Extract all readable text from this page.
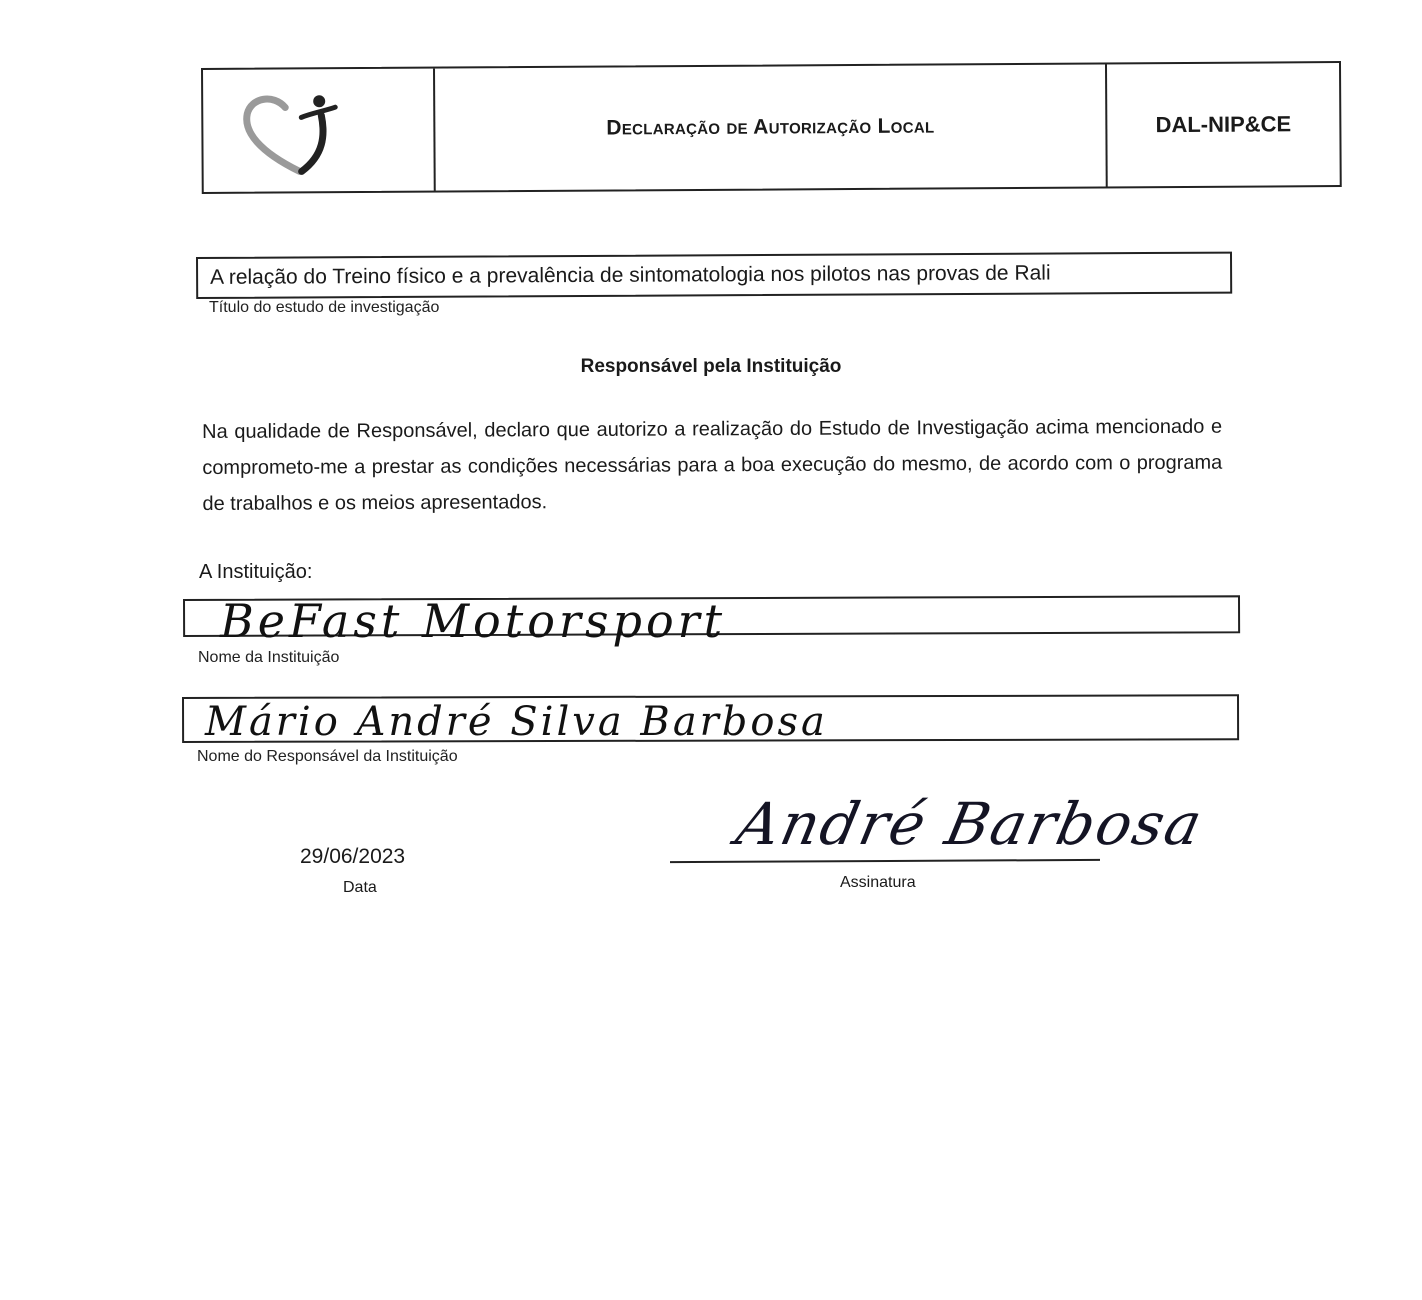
Declaração de Autorização Local	DAL-NIP&CE
A relação do Treino físico e a prevalência de sintomatologia nos pilotos nas provas de Rali
Título do estudo de investigação
Responsável pela Instituição
Na qualidade de Responsável, declaro que autorizo a realização do Estudo de Investigação acima mencionado e comprometo-me a prestar as condições necessárias para a boa execução do mesmo, de acordo com o programa de trabalhos e os meios apresentados.
A Instituição:
BeFast Motorsport
Nome da Instituição
Mário André Silva Barbosa
Nome do Responsável da Instituição
29/06/2023
Data
André Barbosa
Assinatura
